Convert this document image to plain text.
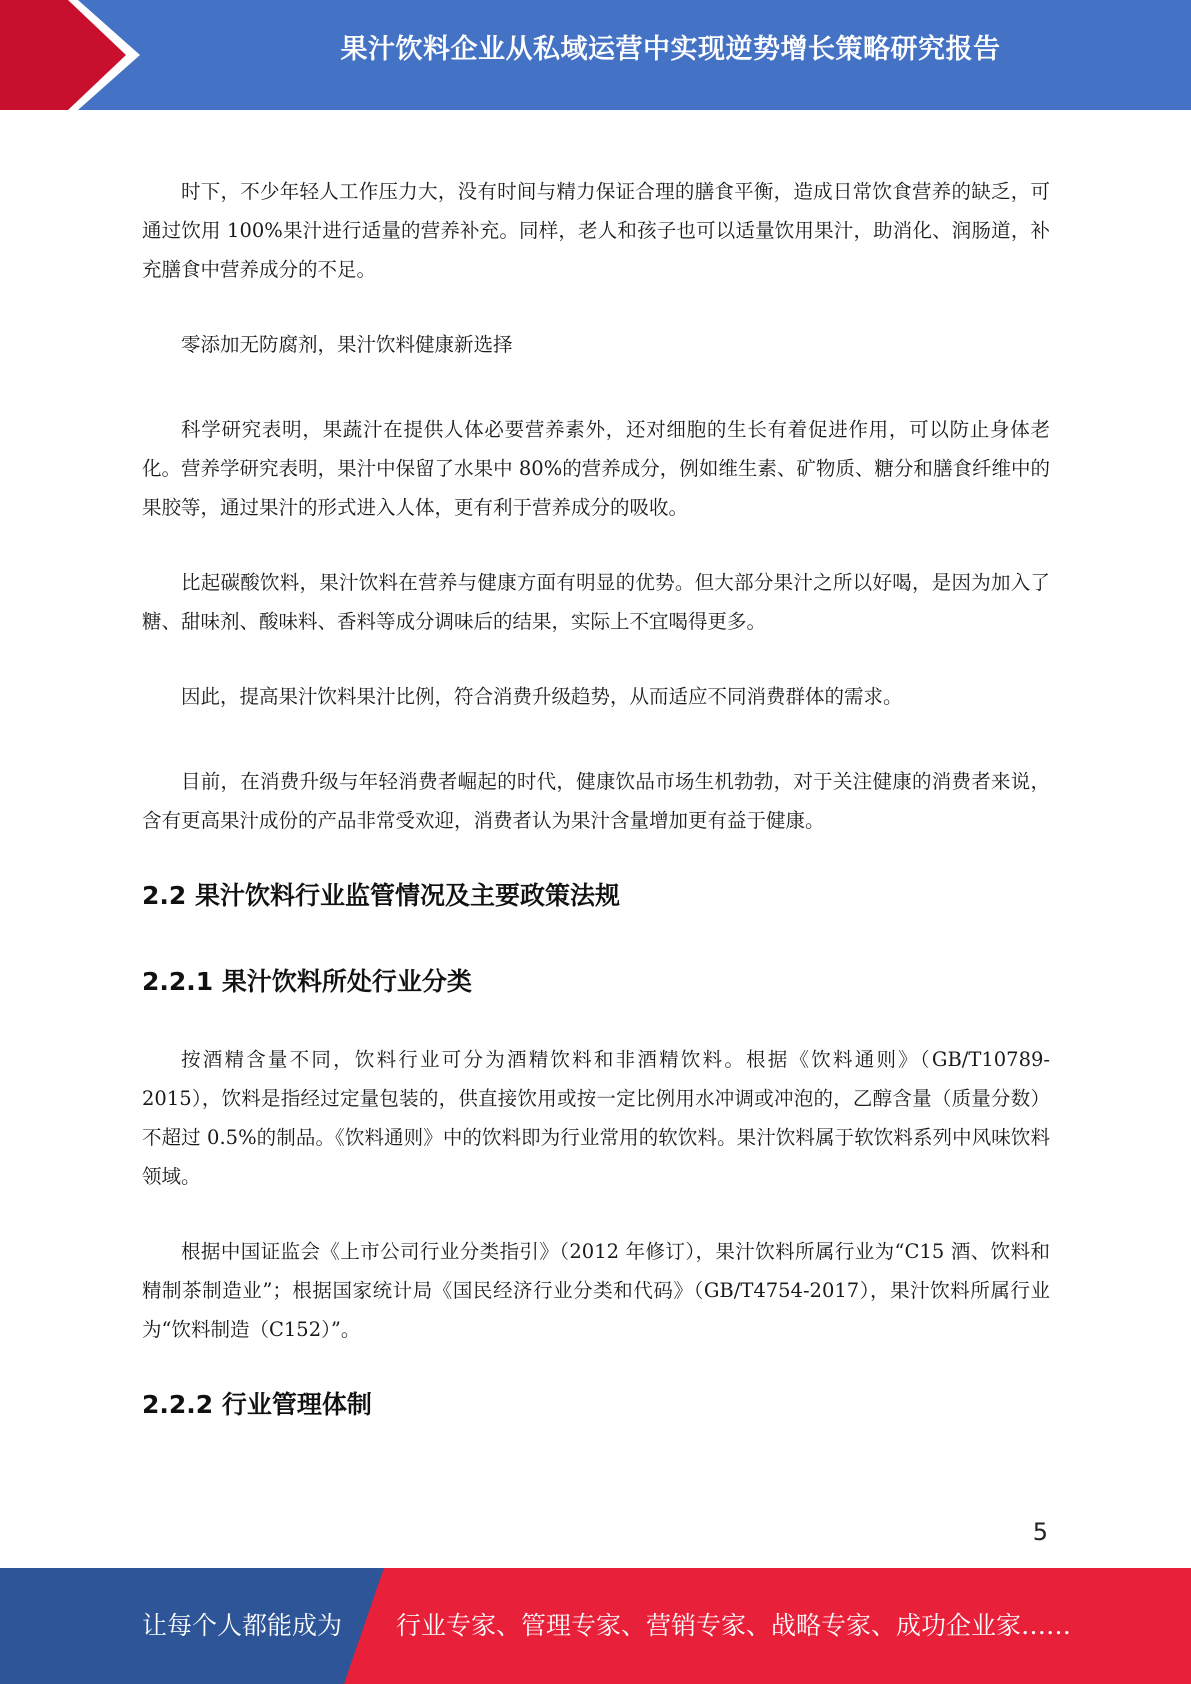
果汁饮料企业从私域运营中实现逆势增长策略研究报告

时下，不少年轻人工作压力大，没有时间与精力保证合理的膳食平衡，造成日常饮食营养的缺乏，可通过饮用 100%果汁进行适量的营养补充。同样，老人和孩子也可以适量饮用果汁，助消化、润肠道，补充膳食中营养成分的不足。

零添加无防腐剂，果汁饮料健康新选择

科学研究表明，果蔬汁在提供人体必要营养素外，还对细胞的生长有着促进作用，可以防止身体老化。营养学研究表明，果汁中保留了水果中 80%的营养成分，例如维生素、矿物质、糖分和膳食纤维中的果胶等，通过果汁的形式进入人体，更有利于营养成分的吸收。

比起碳酸饮料，果汁饮料在营养与健康方面有明显的优势。但大部分果汁之所以好喝，是因为加入了糖、甜味剂、酸味料、香料等成分调味后的结果，实际上不宜喝得更多。

因此，提高果汁饮料果汁比例，符合消费升级趋势，从而适应不同消费群体的需求。

目前，在消费升级与年轻消费者崛起的时代，健康饮品市场生机勃勃，对于关注健康的消费者来说，含有更高果汁成份的产品非常受欢迎，消费者认为果汁含量增加更有益于健康。

2.2 果汁饮料行业监管情况及主要政策法规
2.2.1 果汁饮料所处行业分类

按酒精含量不同，饮料行业可分为酒精饮料和非酒精饮料。根据《饮料通则》（GB/T10789-2015），饮料是指经过定量包装的，供直接饮用或按一定比例用水冲调或冲泡的，乙醇含量（质量分数）不超过 0.5%的制品。《饮料通则》中的饮料即为行业常用的软饮料。果汁饮料属于软饮料系列中风味饮料领域。

根据中国证监会《上市公司行业分类指引》（2012 年修订），果汁饮料所属行业为“C15 酒、饮料和精制茶制造业”；根据国家统计局《国民经济行业分类和代码》（GB/T4754-2017），果汁饮料所属行业为“饮料制造（C152）”。

2.2.2 行业管理体制
5
让每个人都能成为 行业专家、管理专家、营销专家、战略专家、成功企业家……
